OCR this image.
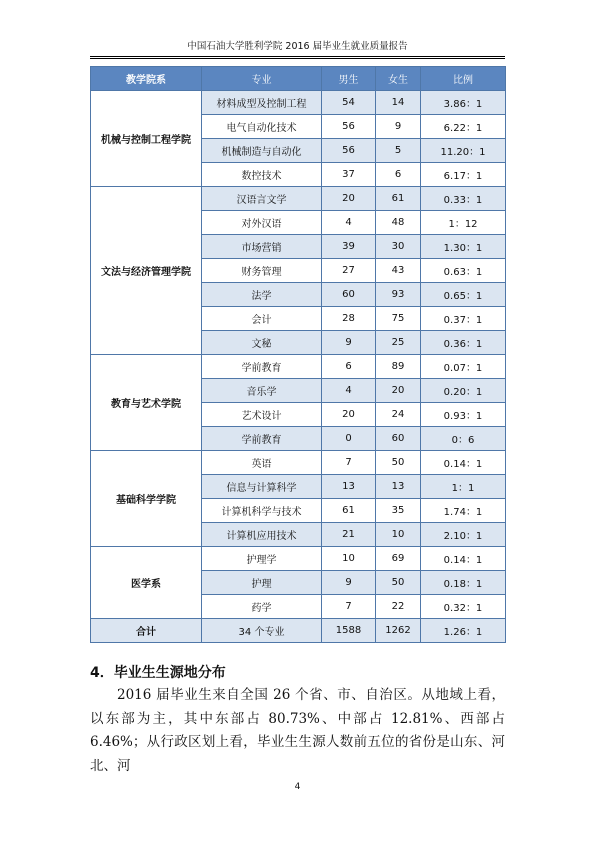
中国石油大学胜利学院 2016 届毕业生就业质量报告
教学院系	专业	男生	女生	比例
机械与控制工程学院	材料成型及控制工程	54	14	3.86：1
	电气自动化技术	56	9	6.22：1
	机械制造与自动化	56	5	11.20：1
	数控技术	37	6	6.17：1
文法与经济管理学院	汉语言文学	20	61	0.33：1
	对外汉语	4	48	1：12
	市场营销	39	30	1.30：1
	财务管理	27	43	0.63：1
	法学	60	93	0.65：1
	会计	28	75	0.37：1
	文秘	9	25	0.36：1
教育与艺术学院	学前教育	6	89	0.07：1
	音乐学	4	20	0.20：1
	艺术设计	20	24	0.93：1
	学前教育	0	60	0：6
基础科学学院	英语	7	50	0.14：1
	信息与计算科学	13	13	1：1
	计算机科学与技术	61	35	1.74：1
	计算机应用技术	21	10	2.10：1
医学系	护理学	10	69	0.14：1
	护理	9	50	0.18：1
	药学	7	22	0.32：1
合计	34 个专业	1588	1262	1.26：1
4．毕业生生源地分布
2016 届毕业生来自全国 26 个省、市、自治区。从地域上看，以东部为主，其中东部占 80.73%、中部占 12.81%、西部占 6.46%；从行政区划上看，毕业生生源人数前五位的省份是山东、河北、河
4
